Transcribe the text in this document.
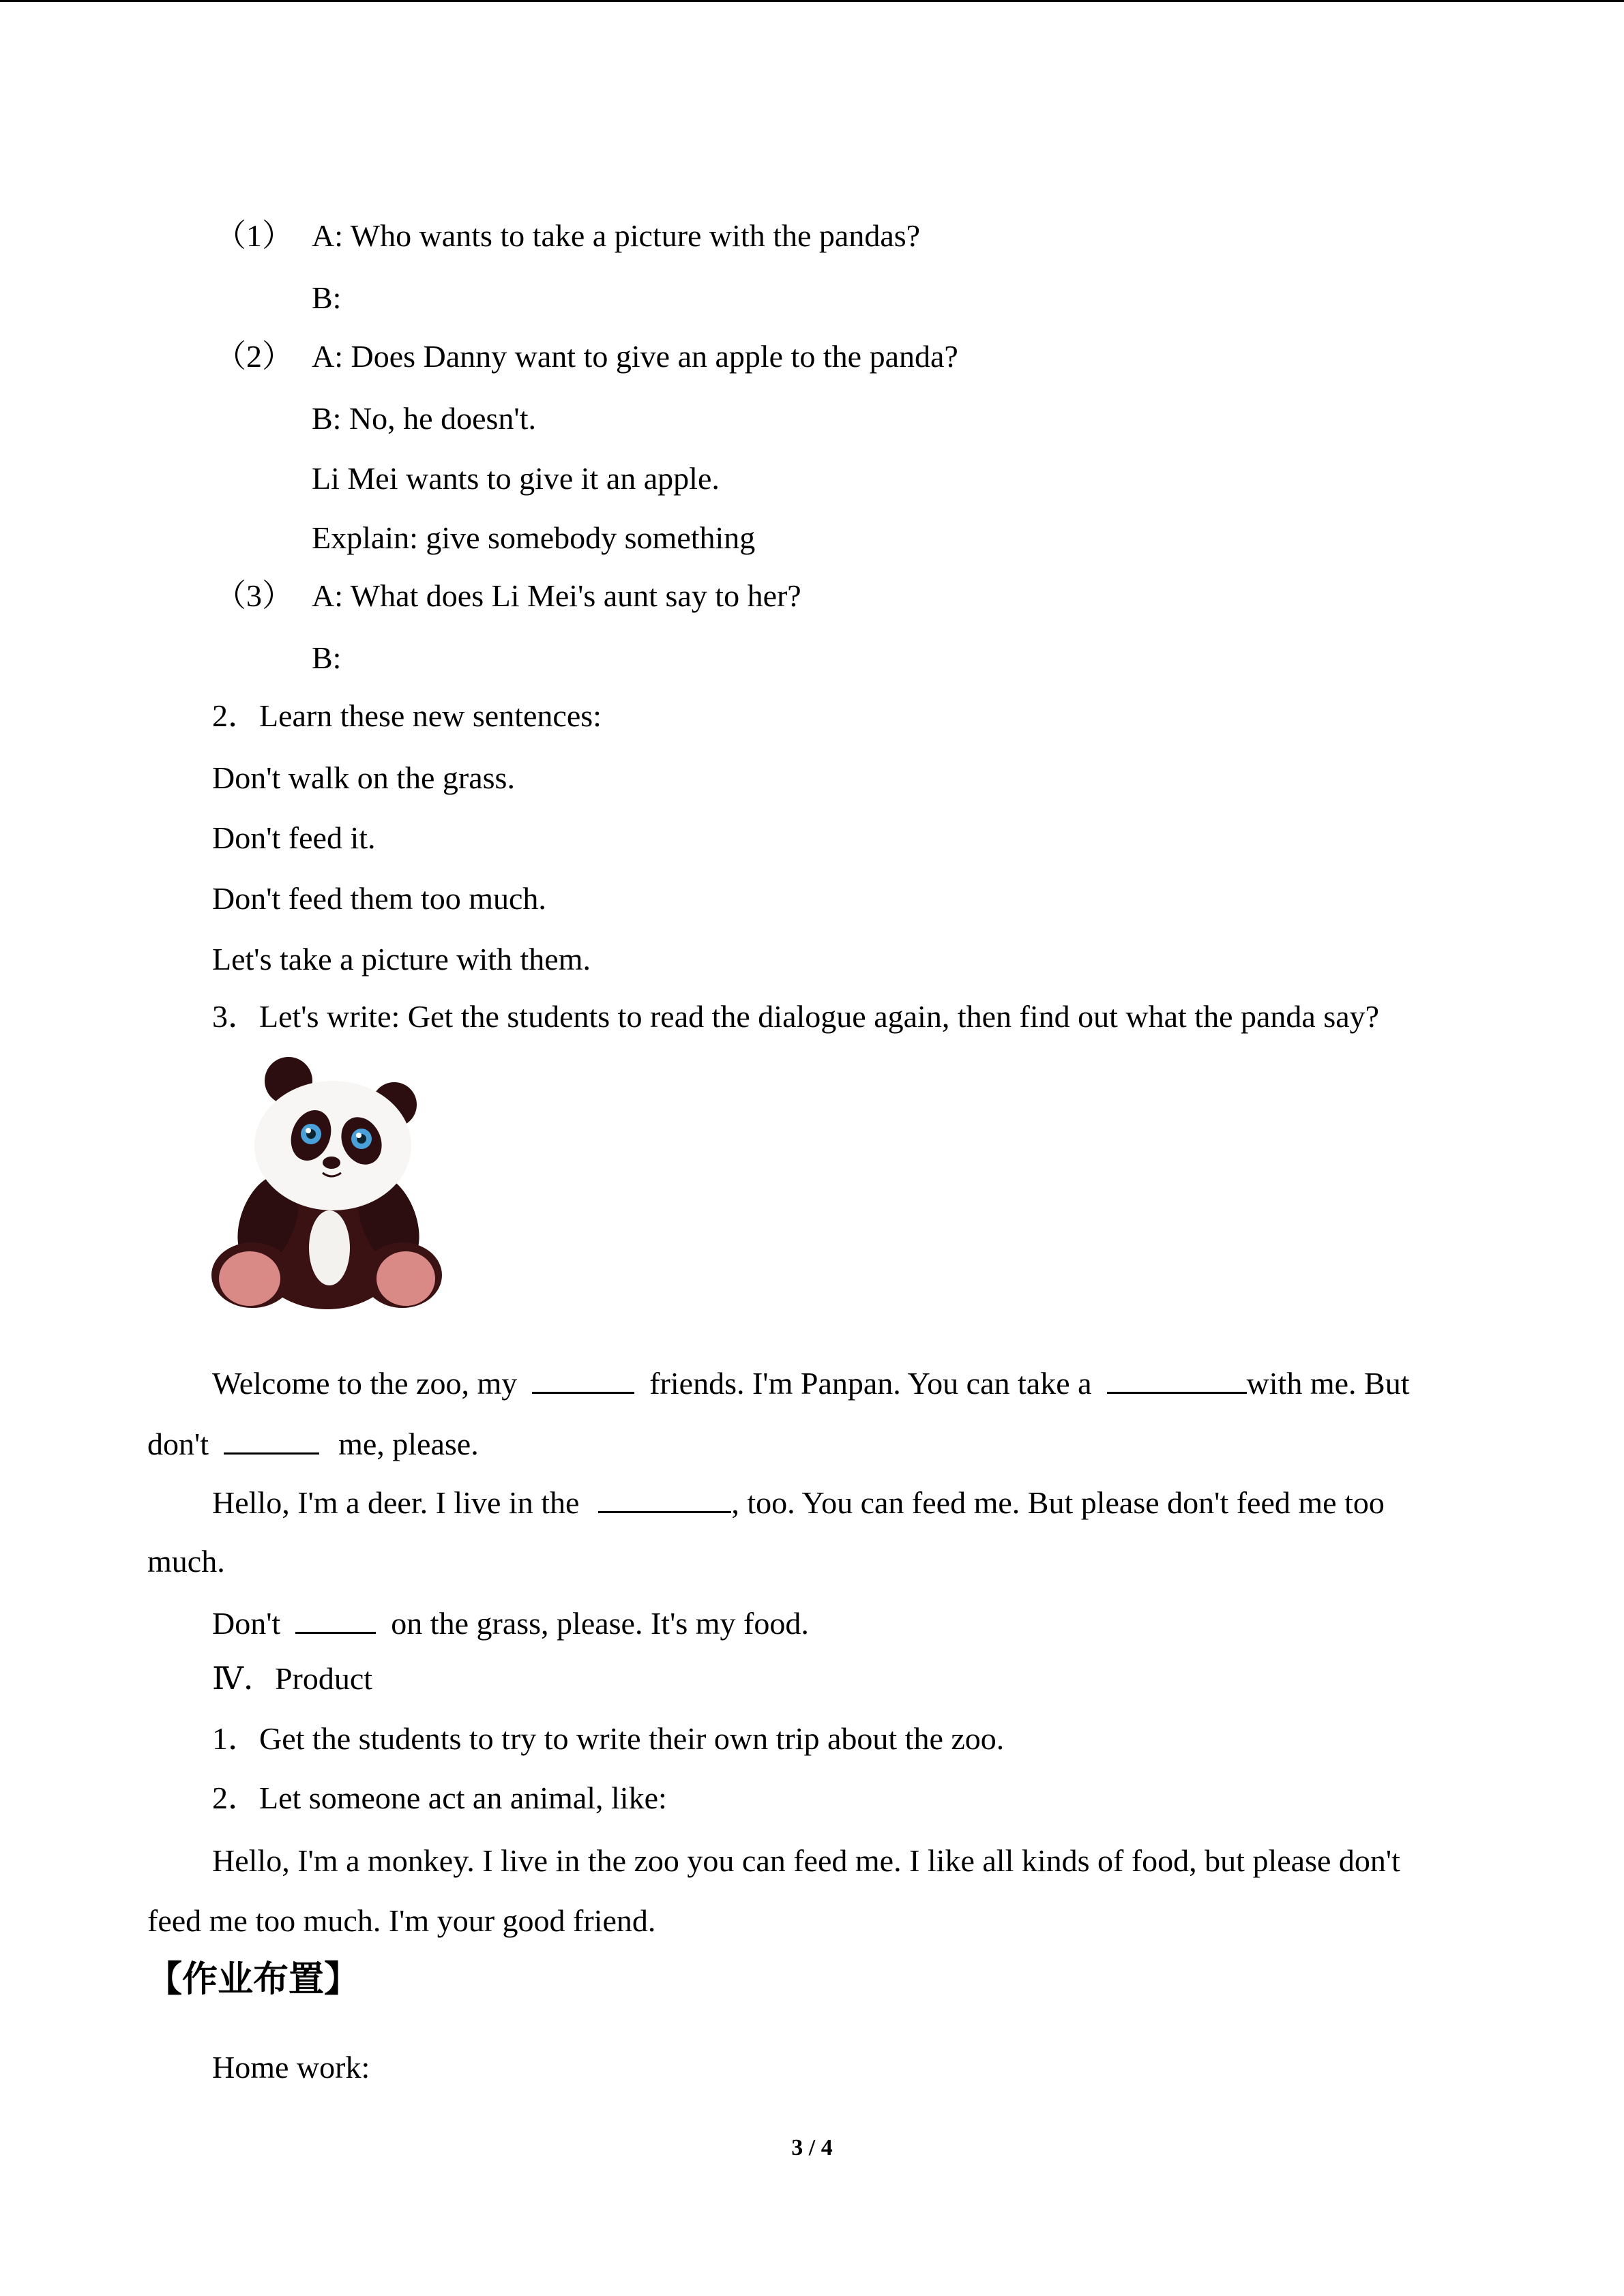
（1） A: Who wants to take a picture with the pandas?
B:
（2） A: Does Danny want to give an apple to the panda?
B: No, he doesn't.
Li Mei wants to give it an apple.
Explain: give somebody something
（3） A: What does Li Mei's aunt say to her?
B:
2．Learn these new sentences:
Don't walk on the grass.
Don't feed it.
Don't feed them too much.
Let's take a picture with them.
3．Let's write: Get the students to read the dialogue again, then find out what the panda say?
Welcome to the zoo, my	friends. I'm Panpan. You can take a	with me. But
don't	me, please.
Hello, I'm a deer. I live in the	, too. You can feed me. But please don't feed me too
much.
Don't	on the grass, please. It's my food.
Ⅳ．Product
1．Get the students to try to write their own trip about the zoo.
2．Let someone act an animal, like:
Hello, I'm a monkey. I live in the zoo you can feed me. I like all kinds of food, but please don't
feed me too much. I'm your good friend.
【作业布置】
Home work:
3 / 4
